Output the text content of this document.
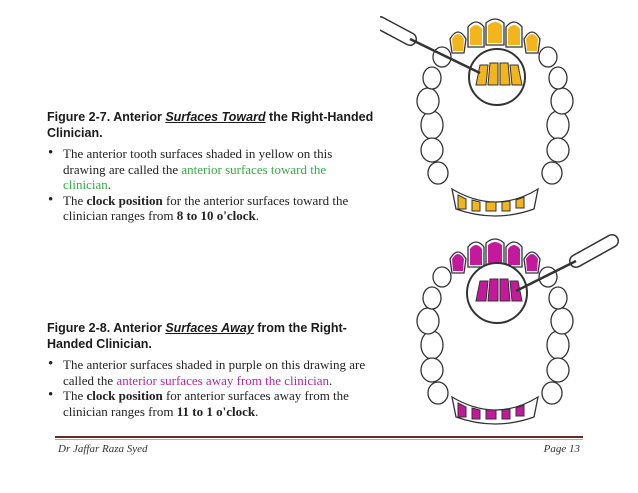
Figure 2-7. Anterior Surfaces Toward the Right-Handed Clinician.
• The anterior tooth surfaces shaded in yellow on this drawing are called the anterior surfaces toward the clinician.
• The clock position for the anterior surfaces toward the clinician ranges from 8 to 10 o'clock.
Figure 2-8. Anterior Surfaces Away from the Right-Handed Clinician.
• The anterior surfaces shaded in purple on this drawing are called the anterior surfaces away from the clinician.
• The clock position for anterior surfaces away from the clinician ranges from 11 to 1 o'clock.
Dr Jaffar Raza Syed	Page 13
